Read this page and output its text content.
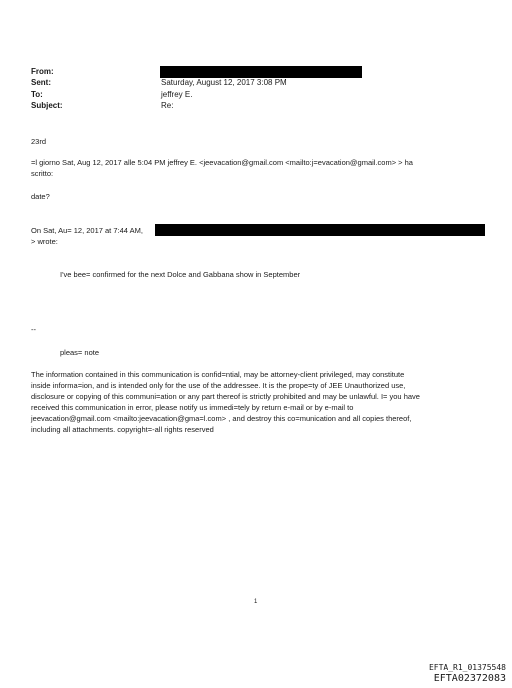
From:
Sent:	Saturday, August 12, 2017 3:08 PM
To:	jeffrey E.
Subject:	Re:
23rd
=l giorno Sat, Aug 12, 2017 alle 5:04 PM jeffrey E. <jeevacation@gmail.com <mailto:j=evacation@gmail.com> > ha
scritto:
date?
On Sat, Au= 12, 2017 at 7:44 AM,
> wrote:
I've bee= confirmed for the next Dolce and Gabbana show in September
--
pleas= note
The information contained in this communication is confid=ntial, may be attorney-client privileged, may constitute
inside informa=ion, and is intended only for the use of the addressee. It is the prope=ty of JEE Unauthorized use,
disclosure or copying of this communi=ation or any part thereof is strictly prohibited and may be unlawful. I= you have
received this communication in error, please notify us immedi=tely by return e-mail or by e-mail to
jeevacation@gmail.com <mailto:jeevacation@gma=l.com> , and destroy this co=munication and all copies thereof,
including all attachments. copyright=-all rights reserved
1
EFTA_R1_01375548
EFTA02372083
